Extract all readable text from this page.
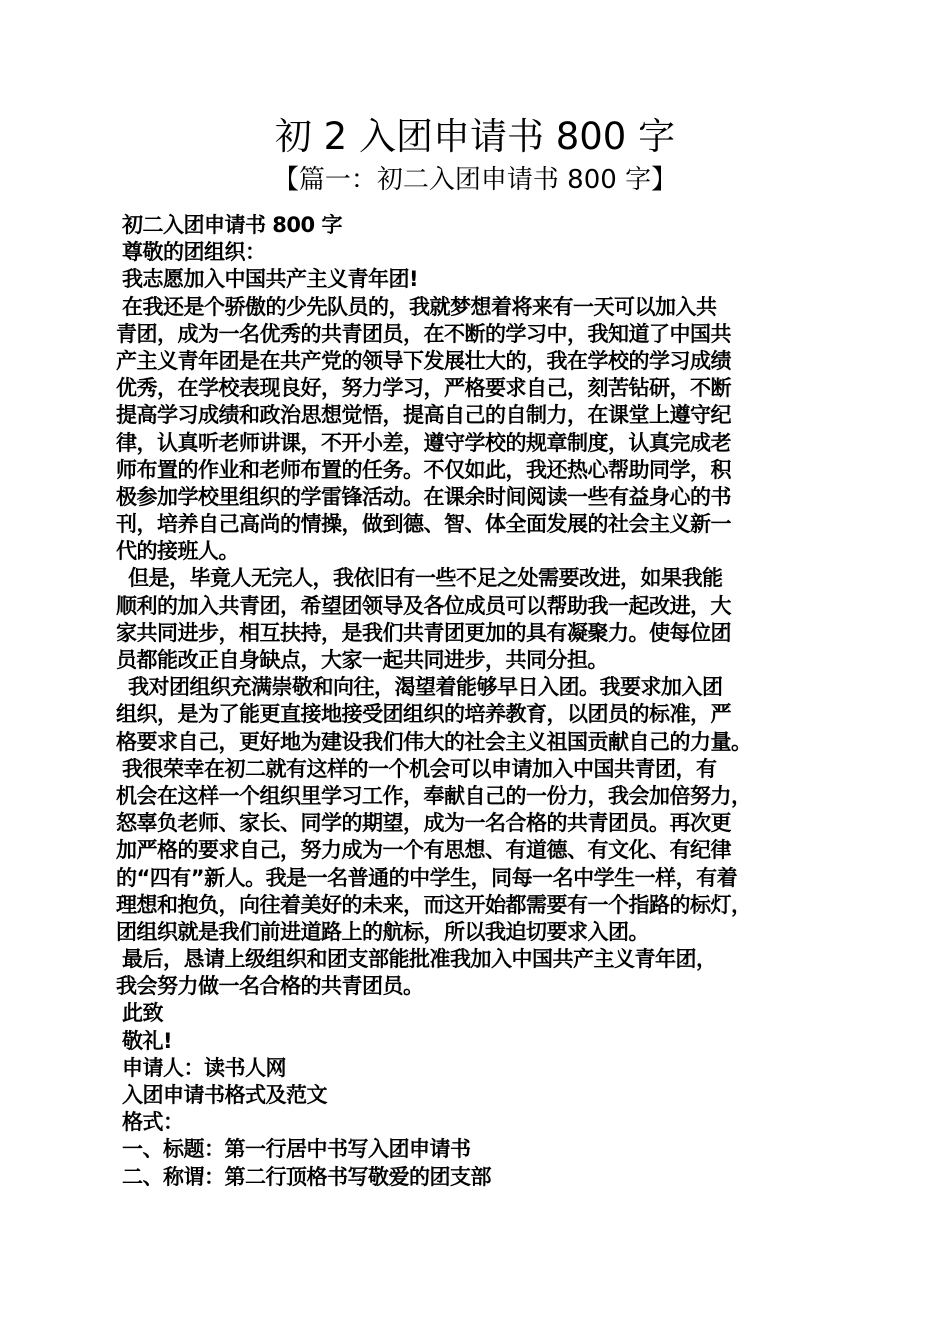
初 2 入团申请书 800 字
【篇一：初二入团申请书 800 字】
初二入团申请书 800 字
尊敬的团组织：
我志愿加入中国共产主义青年团!
在我还是个骄傲的少先队员的，我就梦想着将来有一天可以加入共
青团，成为一名优秀的共青团员，在不断的学习中，我知道了中国共
产主义青年团是在共产党的领导下发展壮大的，我在学校的学习成绩
优秀，在学校表现良好，努力学习，严格要求自己，刻苦钻研，不断
提高学习成绩和政治思想觉悟，提高自己的自制力，在课堂上遵守纪
律，认真听老师讲课，不开小差，遵守学校的规章制度，认真完成老
师布置的作业和老师布置的任务。不仅如此，我还热心帮助同学，积
极参加学校里组织的学雷锋活动。在课余时间阅读一些有益身心的书
刊，培养自己高尚的情操，做到德、智、体全面发展的社会主义新一
代的接班人。
但是，毕竟人无完人，我依旧有一些不足之处需要改进，如果我能
顺利的加入共青团，希望团领导及各位成员可以帮助我一起改进，大
家共同进步，相互扶持，是我们共青团更加的具有凝聚力。使每位团
员都能改正自身缺点，大家一起共同进步，共同分担。
我对团组织充满崇敬和向往，渴望着能够早日入团。我要求加入团
组织，是为了能更直接地接受团组织的培养教育，以团员的标准，严
格要求自己，更好地为建设我们伟大的社会主义祖国贡献自己的力量。
我很荣幸在初二就有这样的一个机会可以申请加入中国共青团，有
机会在这样一个组织里学习工作，奉献自己的一份力，我会加倍努力，
怒辜负老师、家长、同学的期望，成为一名合格的共青团员。再次更
加严格的要求自己，努力成为一个有思想、有道德、有文化、有纪律
的“四有”新人。我是一名普通的中学生，同每一名中学生一样，有着
理想和抱负，向往着美好的未来，而这开始都需要有一个指路的标灯，
团组织就是我们前进道路上的航标，所以我迫切要求入团。
最后，恳请上级组织和团支部能批准我加入中国共产主义青年团，
我会努力做一名合格的共青团员。
此致
敬礼!
申请人：读书人网
入团申请书格式及范文
格式：
一、标题：第一行居中书写入团申请书
二、称谓：第二行顶格书写敬爱的团支部
